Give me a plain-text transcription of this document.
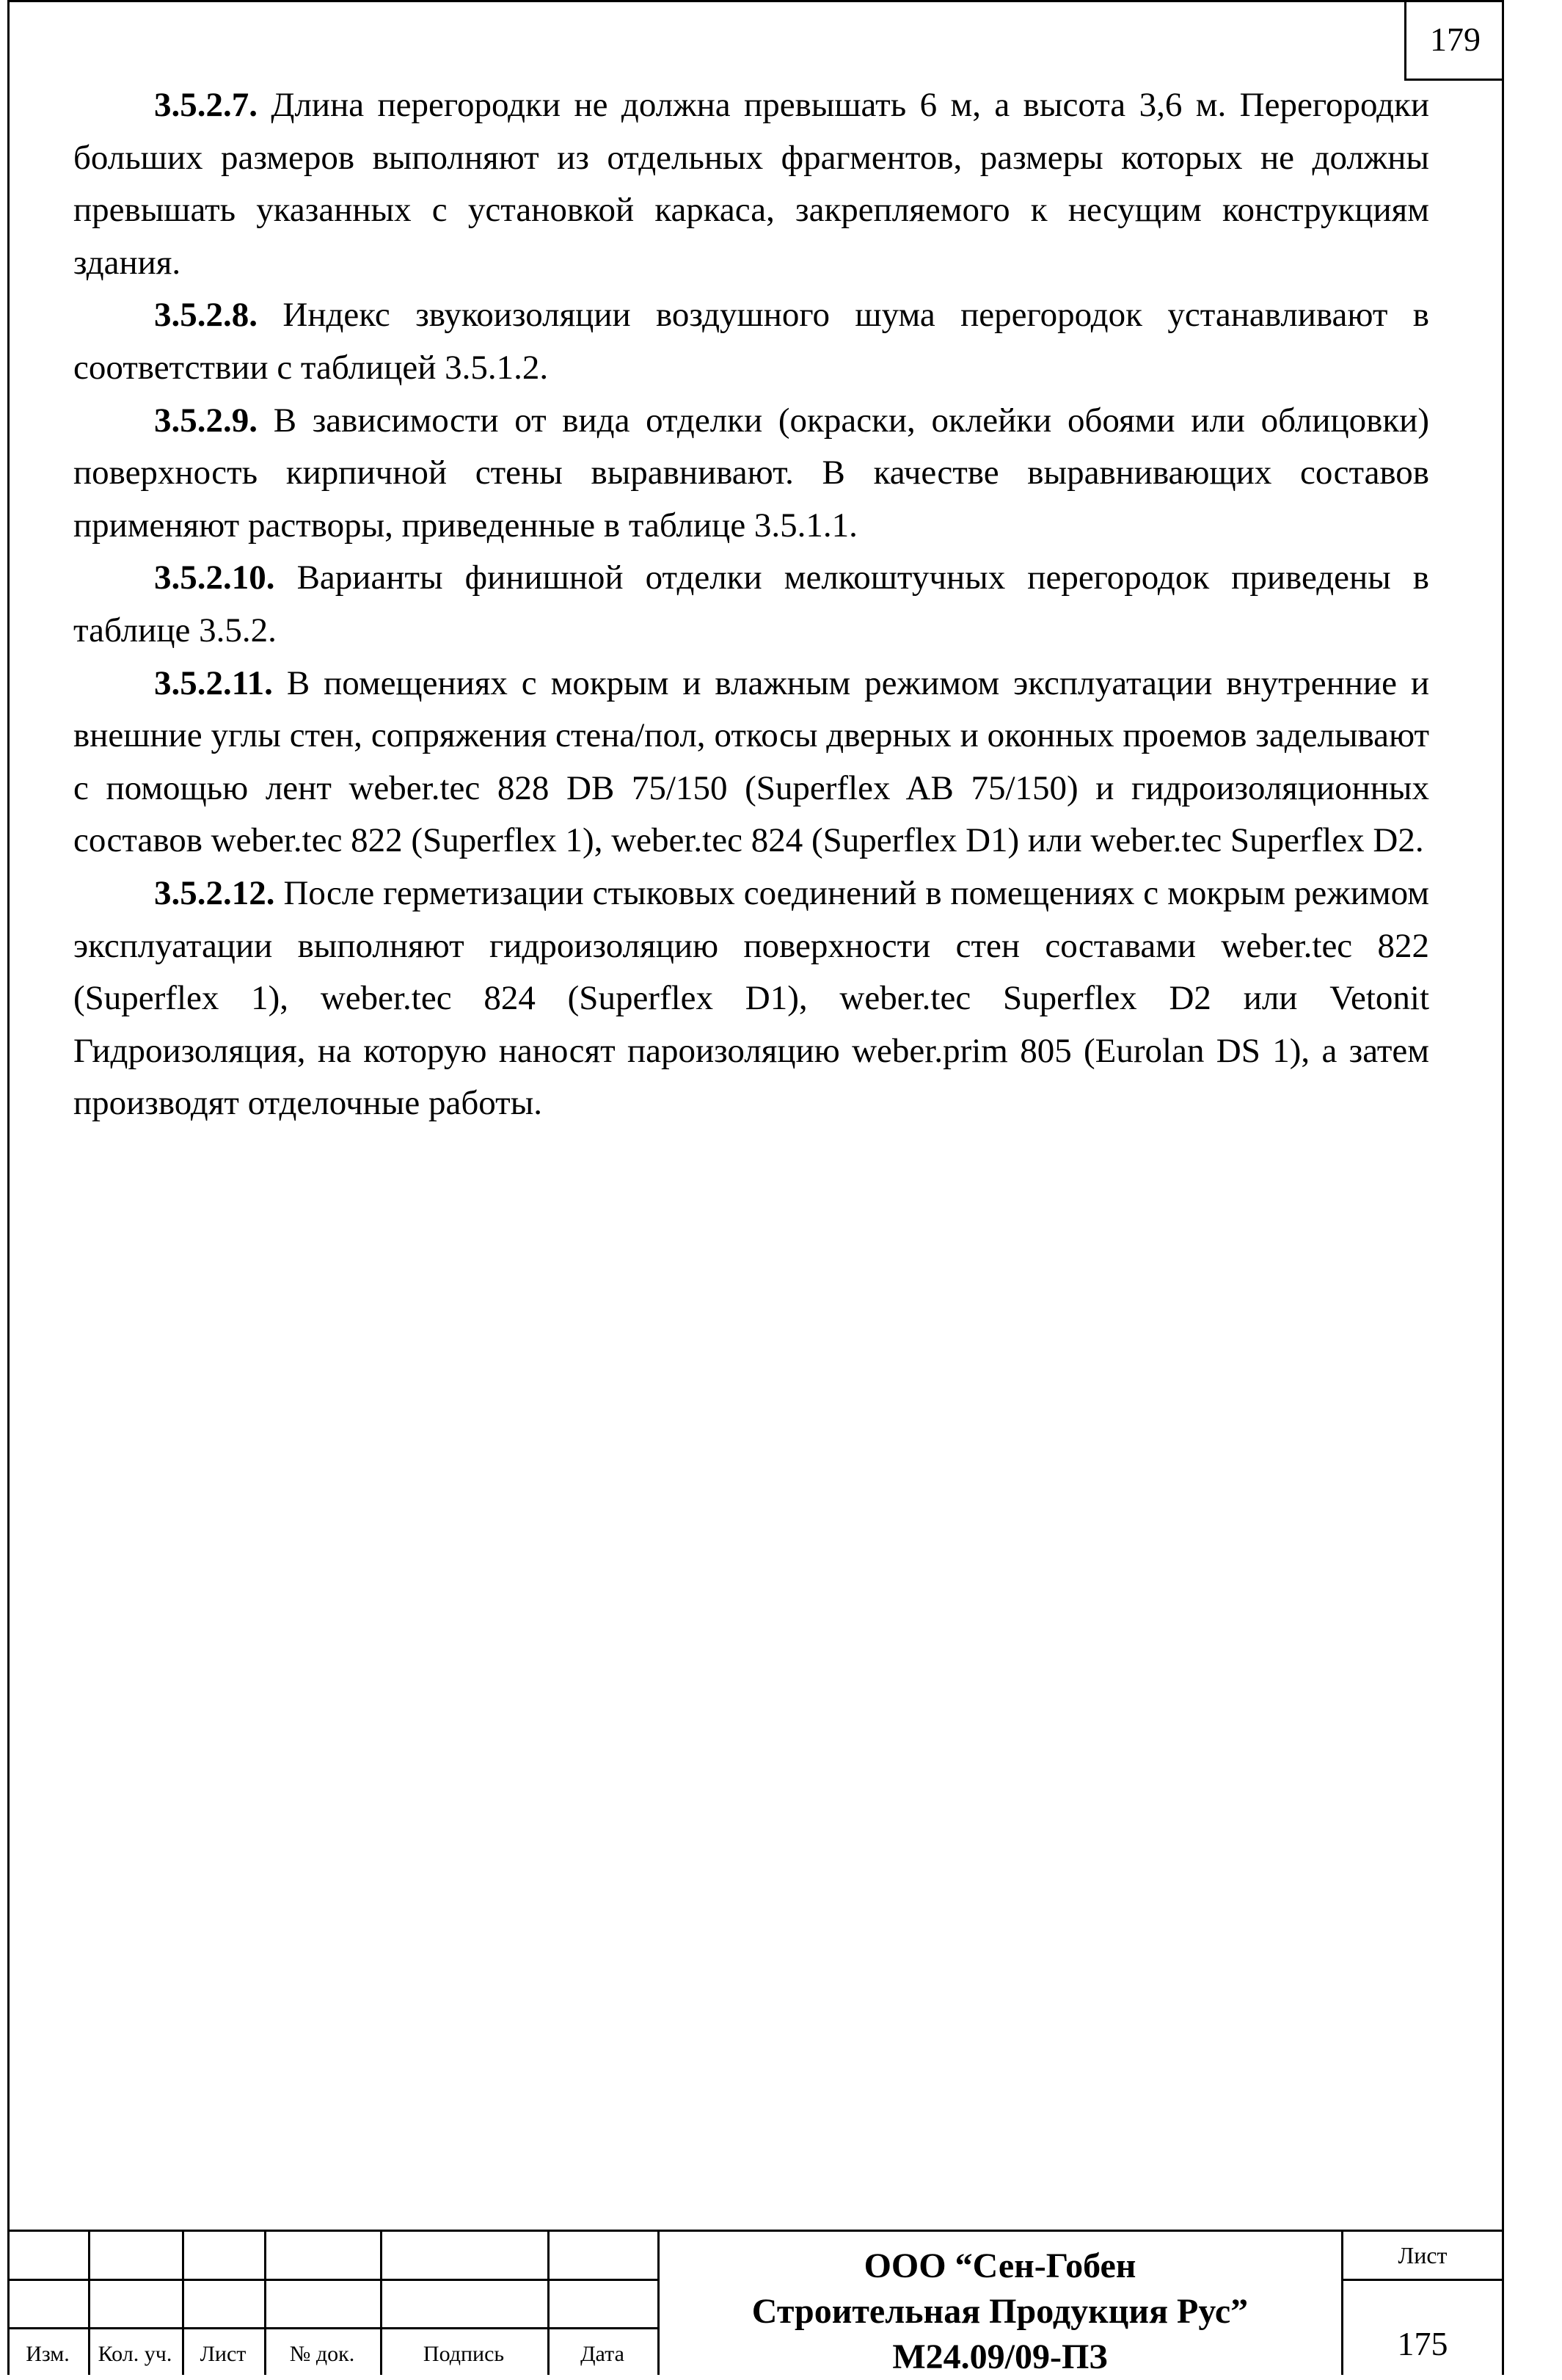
179

3.5.2.7. Длина перегородки не должна превышать 6 м, а высота 3,6 м. Перегородки больших размеров выполняют из отдельных фрагментов, размеры которых не должны превышать указанных с установкой каркаса, закрепляемого к несущим конструкциям здания.

3.5.2.8. Индекс звукоизоляции воздушного шума перегородок устанавливают в соответствии с таблицей 3.5.1.2.

3.5.2.9. В зависимости от вида отделки (окраски, оклейки обоями или облицовки) поверхность кирпичной стены выравнивают. В качестве выравнивающих составов применяют растворы, приведенные в таблице 3.5.1.1.

3.5.2.10. Варианты финишной отделки мелкоштучных перегородок приведены в таблице 3.5.2.

3.5.2.11. В помещениях с мокрым и влажным режимом эксплуатации внутренние и внешние углы стен, сопряжения стена/пол, откосы дверных и оконных проемов заделывают с помощью лент weber.tec 828 DB 75/150 (Superflex AB 75/150) и гидроизоляционных составов weber.tec 822 (Superflex 1), weber.tec 824 (Superflex D1) или weber.tec Superflex D2.

3.5.2.12. После герметизации стыковых соединений в помещениях с мокрым режимом эксплуатации выполняют гидроизоляцию поверхности стен составами weber.tec 822 (Superflex 1), weber.tec 824 (Superflex D1), weber.tec Superflex D2 или Vetonit Гидроизоляция, на которую наносят пароизоляцию weber.prim 805 (Eurolan DS 1), а затем производят отделочные работы.

Изм.	Кол. уч.	Лист	№ док.	Подпись	Дата
ООО “Сен-Гобен
Строительная Продукция Рус”
М24.09/09-ПЗ
Лист
175
